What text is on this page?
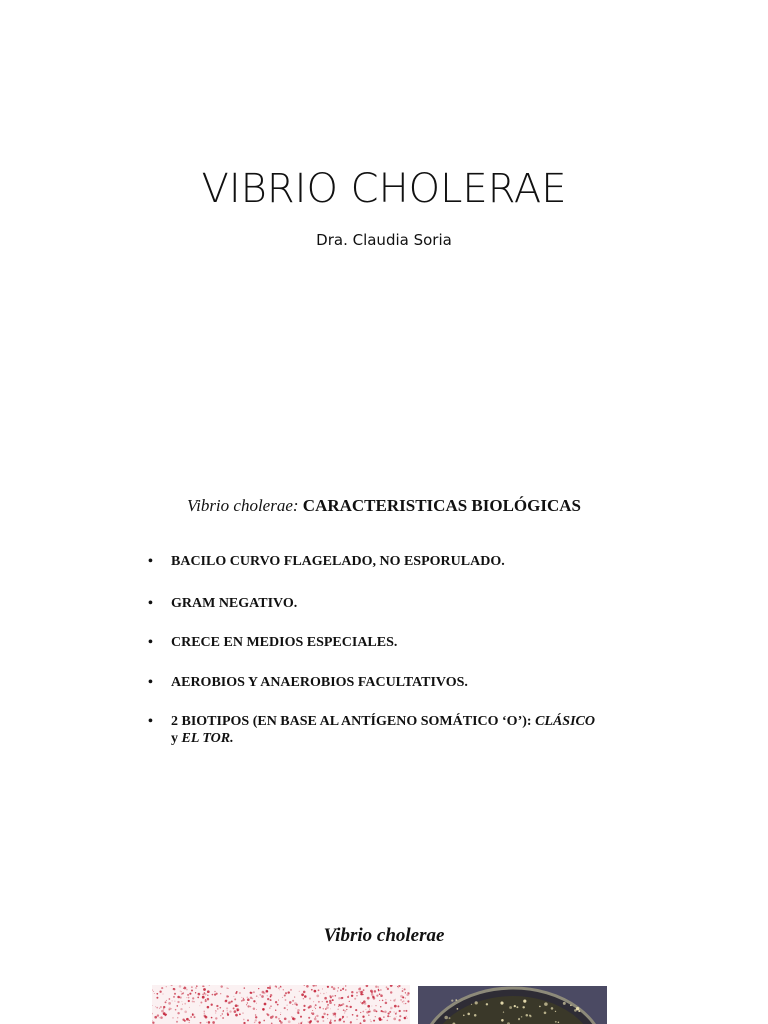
VIBRIO CHOLERAE
Dra. Claudia Soria
Vibrio cholerae: CARACTERISTICAS BIOLÓGICAS
• BACILO CURVO FLAGELADO, NO ESPORULADO.
• GRAM NEGATIVO.
• CRECE EN MEDIOS ESPECIALES.
• AEROBIOS Y ANAEROBIOS FACULTATIVOS.
• 2 BIOTIPOS (EN BASE AL ANTÍGENO SOMÁTICO ‘O’): CLÁSICO
y EL TOR.
Vibrio cholerae
